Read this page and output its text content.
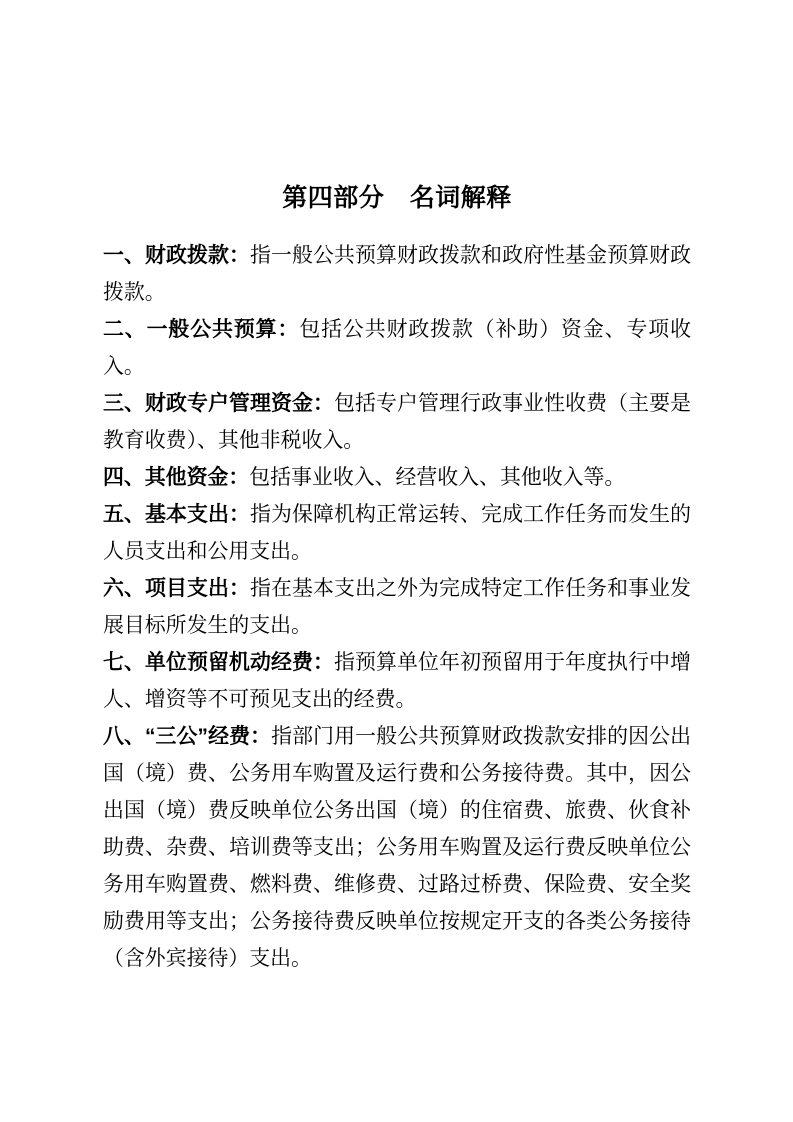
第四部分　名词解释

一、财政拨款：指一般公共预算财政拨款和政府性基金预算财政拨款。

二、一般公共预算：包括公共财政拨款（补助）资金、专项收入。

三、财政专户管理资金：包括专户管理行政事业性收费（主要是教育收费）、其他非税收入。

四、其他资金：包括事业收入、经营收入、其他收入等。

五、基本支出：指为保障机构正常运转、完成工作任务而发生的人员支出和公用支出。

六、项目支出：指在基本支出之外为完成特定工作任务和事业发展目标所发生的支出。

七、单位预留机动经费：指预算单位年初预留用于年度执行中增人、增资等不可预见支出的经费。

八、“三公”经费：指部门用一般公共预算财政拨款安排的因公出国（境）费、公务用车购置及运行费和公务接待费。其中，因公出国（境）费反映单位公务出国（境）的住宿费、旅费、伙食补助费、杂费、培训费等支出；公务用车购置及运行费反映单位公务用车购置费、燃料费、维修费、过路过桥费、保险费、安全奖励费用等支出；公务接待费反映单位按规定开支的各类公务接待（含外宾接待）支出。
